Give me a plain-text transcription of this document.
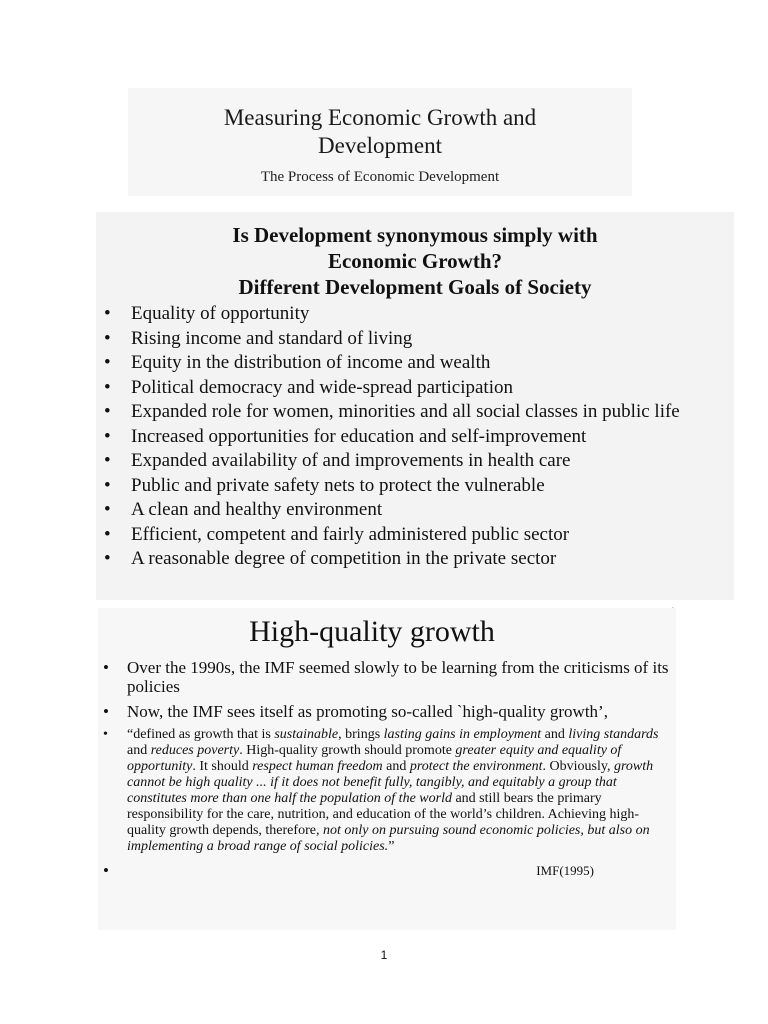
Measuring Economic Growth and
Development
The Process of Economic Development
Is Development synonymous simply with
Economic Growth?
Different Development Goals of Society
• Equality of opportunity
• Rising income and standard of living
• Equity in the distribution of income and wealth
• Political democracy and wide-spread participation
• Expanded role for women, minorities and all social classes in public life
• Increased opportunities for education and self-improvement
• Expanded availability of and improvements in health care
• Public and private safety nets to protect the vulnerable
• A clean and healthy environment
• Efficient, competent and fairly administered public sector
• A reasonable degree of competition in the private sector
High-quality growth
• Over the 1990s, the IMF seemed slowly to be learning from the criticisms of its policies
• Now, the IMF sees itself as promoting so-called `high-quality growth’,
• “defined as growth that is sustainable, brings lasting gains in employment and living standards and reduces poverty. High-quality growth should promote greater equity and equality of opportunity. It should respect human freedom and protect the environment. Obviously, growth cannot be high quality ... if it does not benefit fully, tangibly, and equitably a group that constitutes more than one half the population of the world and still bears the primary responsibility for the care, nutrition, and education of the world’s children. Achieving high-quality growth depends, therefore, not only on pursuing sound economic policies, but also on implementing a broad range of social policies.”
•	IMF(1995)
1
